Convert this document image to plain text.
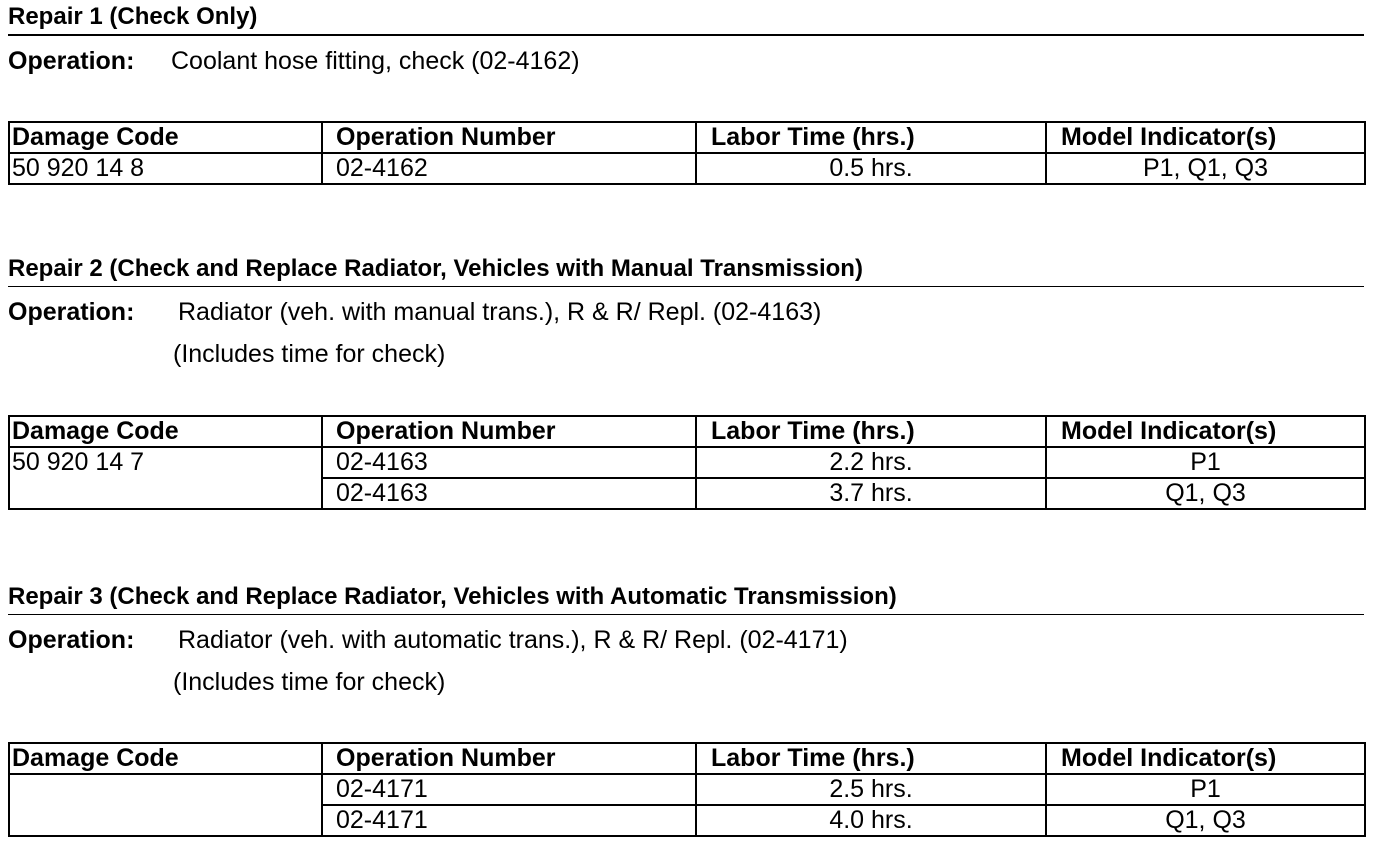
Repair 1 (Check Only)
Operation: Coolant hose fitting, check (02-4162)
Damage Code	Operation Number	Labor Time (hrs.)	Model Indicator(s)
50 920 14 8	02-4162	0.5 hrs.	P1, Q1, Q3
Repair 2 (Check and Replace Radiator, Vehicles with Manual Transmission)
Operation: Radiator (veh. with manual trans.), R & R/ Repl. (02-4163)
(Includes time for check)
Damage Code	Operation Number	Labor Time (hrs.)	Model Indicator(s)
50 920 14 7	02-4163	2.2 hrs.	P1
	02-4163	3.7 hrs.	Q1, Q3
Repair 3 (Check and Replace Radiator, Vehicles with Automatic Transmission)
Operation: Radiator (veh. with automatic trans.), R & R/ Repl. (02-4171)
(Includes time for check)
Damage Code	Operation Number	Labor Time (hrs.)	Model Indicator(s)
	02-4171	2.5 hrs.	P1
	02-4171	4.0 hrs.	Q1, Q3
